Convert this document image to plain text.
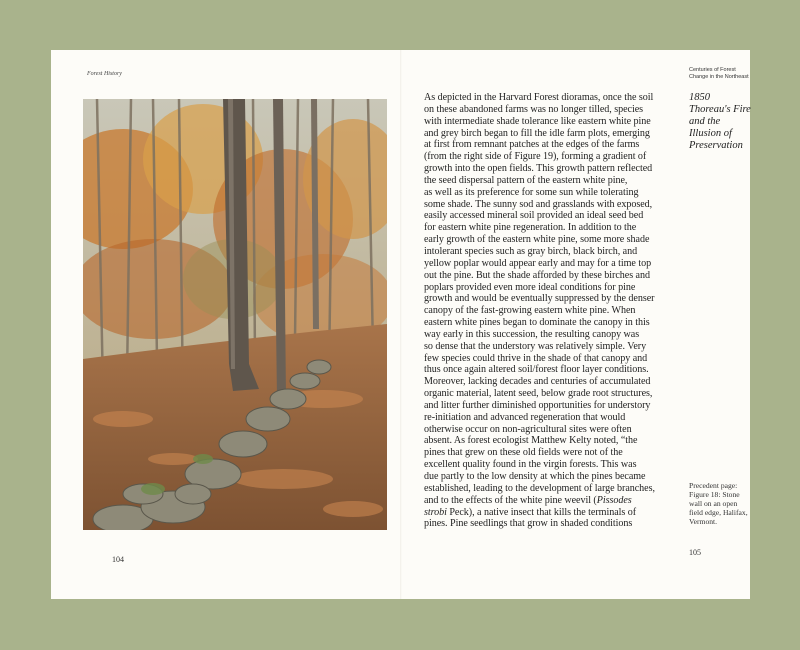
Forest History
104
As depicted in the Harvard Forest dioramas, once the soil
on these abandoned farms was no longer tilled, species
with intermediate shade tolerance like eastern white pine
and grey birch began to fill the idle farm plots, emerging
at first from remnant patches at the edges of the farms
(from the right side of Figure 19), forming a gradient of
growth into the open fields. This growth pattern reflected
the seed dispersal pattern of the eastern white pine,
as well as its preference for some sun while tolerating
some shade. The sunny sod and grasslands with exposed,
easily accessed mineral soil provided an ideal seed bed
for eastern white pine regeneration. In addition to the
early growth of the eastern white pine, some more shade
intolerant species such as gray birch, black birch, and
yellow poplar would appear early and may for a time top
out the pine. But the shade afforded by these birches and
poplars provided even more ideal conditions for pine
growth and would be eventually suppressed by the denser
canopy of the fast-growing eastern white pine. When
eastern white pines began to dominate the canopy in this
way early in this succession, the resulting canopy was
so dense that the understory was relatively simple. Very
few species could thrive in the shade of that canopy and
thus once again altered soil/forest floor layer conditions.
Moreover, lacking decades and centuries of accumulated
organic material, latent seed, below grade root structures,
and litter further diminished opportunities for understory
re-initiation and advanced regeneration that would
otherwise occur on non-agricultural sites were often
absent. As forest ecologist Matthew Kelty noted, “the
pines that grew on these old fields were not of the
excellent quality found in the virgin forests. This was
due partly to the low density at which the pines became
established, leading to the development of large branches,
and to the effects of the white pine weevil (Pissodes
strobi Peck), a native insect that kills the terminals of
pines. Pine seedlings that grow in shaded conditions
Centuries of Forest Change in the Northeast
1850
Thoreau's Fire and the Illusion of Preservation
Precedent page: Figure 18: Stone wall on an open field edge, Halifax, Vermont.
105
